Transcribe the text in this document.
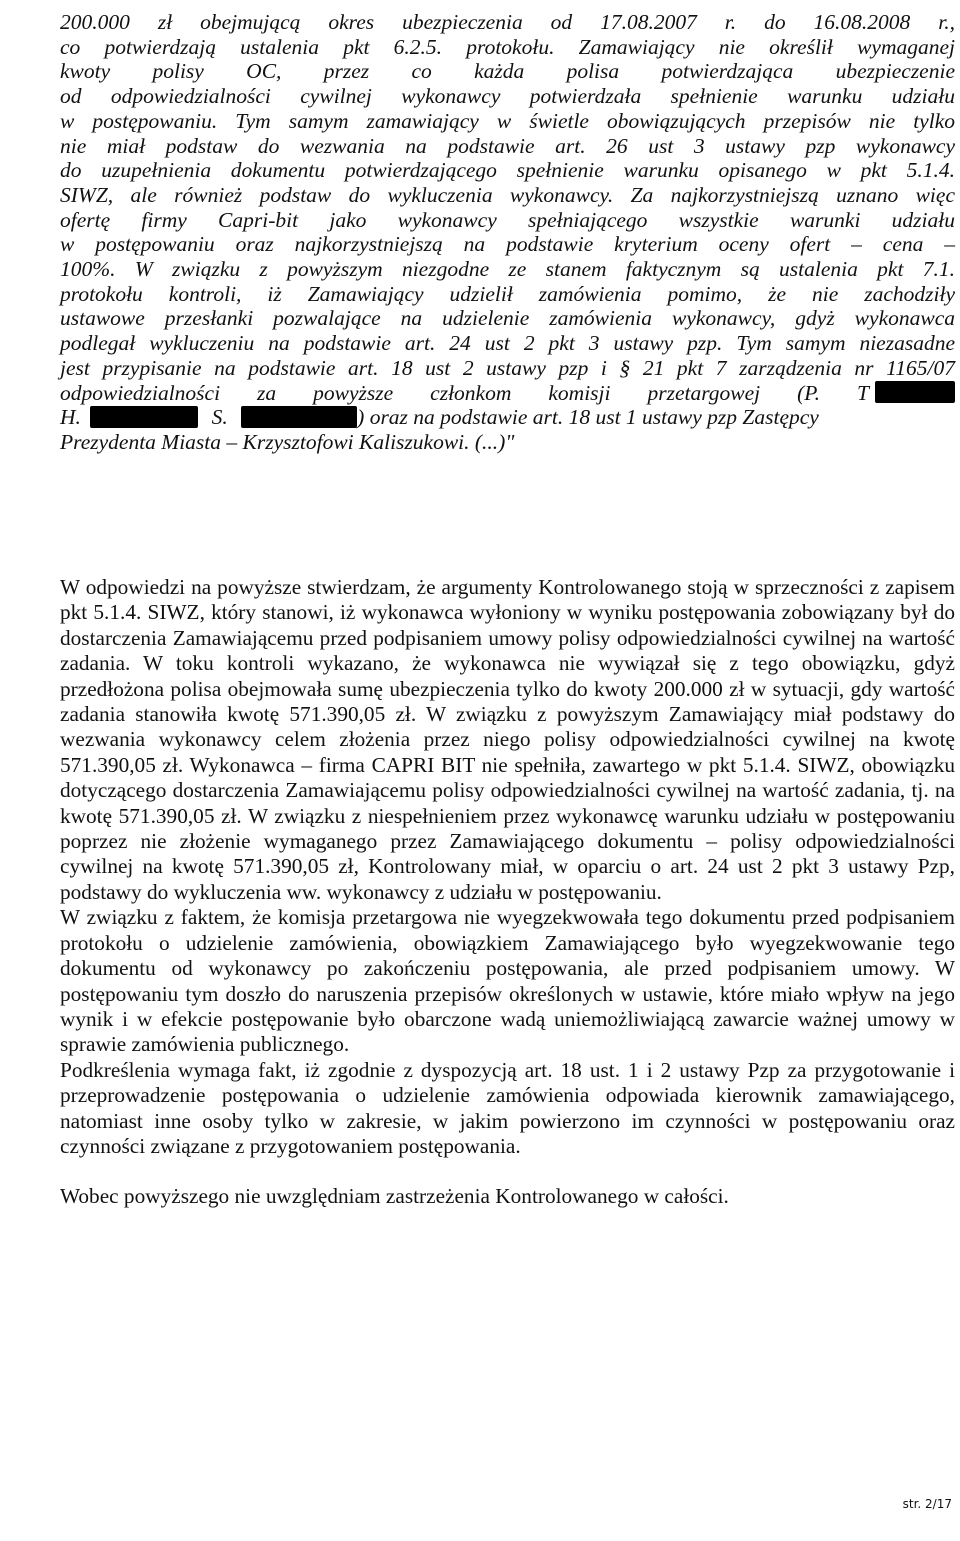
200.000 zł obejmującą okres ubezpieczenia od 17.08.2007 r. do 16.08.2008 r.,
co potwierdzają ustalenia pkt 6.2.5. protokołu. Zamawiający nie określił wymaganej
kwoty polisy OC, przez co każda polisa potwierdzająca ubezpieczenie
od odpowiedzialności cywilnej wykonawcy potwierdzała spełnienie warunku udziału
w postępowaniu. Tym samym zamawiający w świetle obowiązujących przepisów nie tylko
nie miał podstaw do wezwania na podstawie art. 26 ust 3 ustawy pzp wykonawcy
do uzupełnienia dokumentu potwierdzającego spełnienie warunku opisanego w pkt 5.1.4.
SIWZ, ale również podstaw do wykluczenia wykonawcy. Za najkorzystniejszą uznano więc
ofertę firmy Capri-bit jako wykonawcy spełniającego wszystkie warunki udziału
w postępowaniu oraz najkorzystniejszą na podstawie kryterium oceny ofert – cena –
100%. W związku z powyższym niezgodne ze stanem faktycznym są ustalenia pkt 7.1.
protokołu kontroli, iż Zamawiający udzielił zamówienia pomimo, że nie zachodziły
ustawowe przesłanki pozwalające na udzielenie zamówienia wykonawcy, gdyż wykonawca
podlegał wykluczeniu na podstawie art. 24 ust 2 pkt 3 ustawy pzp. Tym samym niezasadne
jest przypisanie na podstawie art. 18 ust 2 ustawy pzp i § 21 pkt 7 zarządzenia nr 1165/07
odpowiedzialności za powyższe członkom komisji przetargowej (P. T
H.	S.	) oraz na podstawie art. 18 ust 1 ustawy pzp Zastępcy
Prezydenta Miasta – Krzysztofowi Kaliszukowi. (...)"

W odpowiedzi na powyższe stwierdzam, że argumenty Kontrolowanego stoją w sprzeczności z zapisem pkt 5.1.4. SIWZ, który stanowi, iż wykonawca wyłoniony w wyniku postępowania zobowiązany był do dostarczenia Zamawiającemu przed podpisaniem umowy polisy odpowiedzialności cywilnej na wartość zadania. W toku kontroli wykazano, że wykonawca nie wywiązał się z tego obowiązku, gdyż przedłożona polisa obejmowała sumę ubezpieczenia tylko do kwoty 200.000 zł w sytuacji, gdy wartość zadania stanowiła kwotę 571.390,05 zł. W związku z powyższym Zamawiający miał podstawy do wezwania wykonawcy celem złożenia przez niego polisy odpowiedzialności cywilnej na kwotę 571.390,05 zł. Wykonawca – firma CAPRI BIT nie spełniła, zawartego w pkt 5.1.4. SIWZ, obowiązku dotyczącego dostarczenia Zamawiającemu polisy odpowiedzialności cywilnej na wartość zadania, tj. na kwotę 571.390,05 zł. W związku z niespełnieniem przez wykonawcę warunku udziału w postępowaniu poprzez nie złożenie wymaganego przez Zamawiającego dokumentu – polisy odpowiedzialności cywilnej na kwotę 571.390,05 zł, Kontrolowany miał, w oparciu o art. 24 ust 2 pkt 3 ustawy Pzp, podstawy do wykluczenia ww. wykonawcy z udziału w postępowaniu.

W związku z faktem, że komisja przetargowa nie wyegzekwowała tego dokumentu przed podpisaniem protokołu o udzielenie zamówienia, obowiązkiem Zamawiającego było wyegzekwowanie tego dokumentu od wykonawcy po zakończeniu postępowania, ale przed podpisaniem umowy. W postępowaniu tym doszło do naruszenia przepisów określonych w ustawie, które miało wpływ na jego wynik i w efekcie postępowanie było obarczone wadą uniemożliwiającą zawarcie ważnej umowy w sprawie zamówienia publicznego.

Podkreślenia wymaga fakt, iż zgodnie z dyspozycją art. 18 ust. 1 i 2 ustawy Pzp za przygotowanie i przeprowadzenie postępowania o udzielenie zamówienia odpowiada kierownik zamawiającego, natomiast inne osoby tylko w zakresie, w jakim powierzono im czynności w postępowaniu oraz czynności związane z przygotowaniem postępowania.

Wobec powyższego nie uwzględniam zastrzeżenia Kontrolowanego w całości.

str. 2/17
